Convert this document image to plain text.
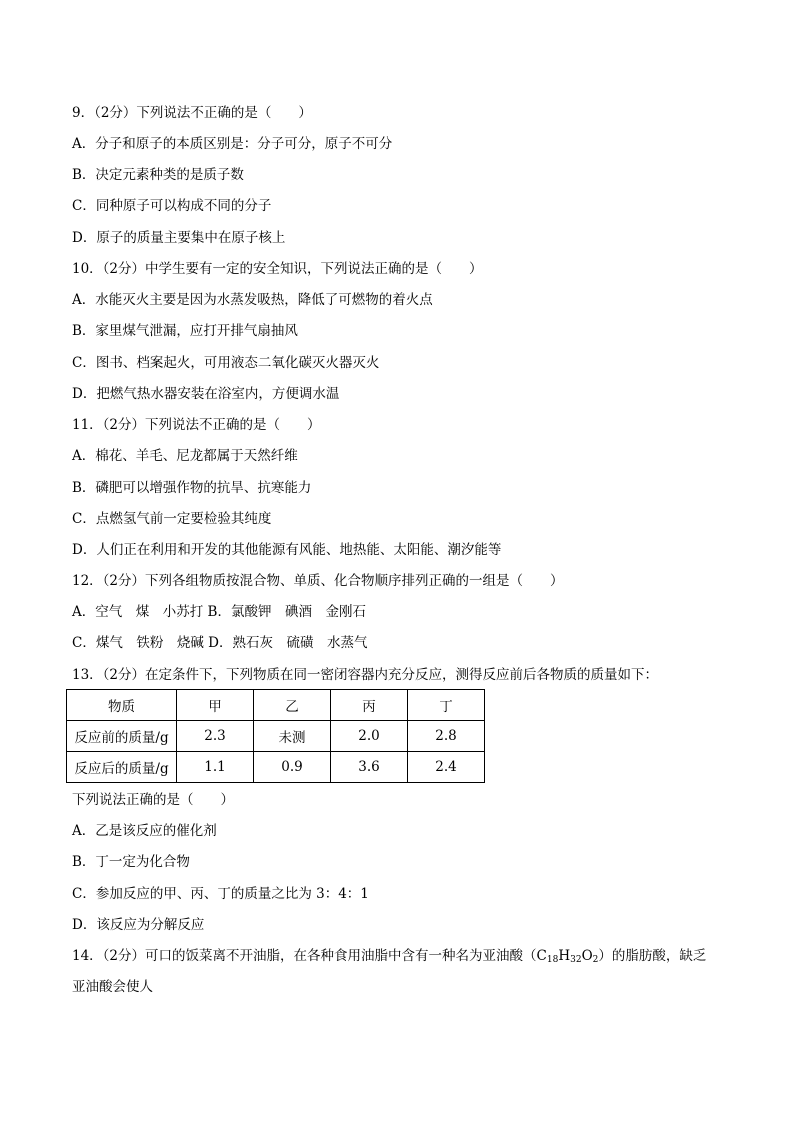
9．（2分）下列说法不正确的是（　　）
A．分子和原子的本质区别是：分子可分，原子不可分
B．决定元素种类的是质子数
C．同种原子可以构成不同的分子
D．原子的质量主要集中在原子核上
10．（2分）中学生要有一定的安全知识，下列说法正确的是（　　）
A．水能灭火主要是因为水蒸发吸热，降低了可燃物的着火点
B．家里煤气泄漏，应打开排气扇抽风
C．图书、档案起火，可用液态二氧化碳灭火器灭火
D．把燃气热水器安装在浴室内，方便调水温
11．（2分）下列说法不正确的是（　　）
A．棉花、羊毛、尼龙都属于天然纤维
B．磷肥可以增强作物的抗旱、抗寒能力
C．点燃氢气前一定要检验其纯度
D．人们正在利用和开发的其他能源有风能、地热能、太阳能、潮汐能等
12．（2分）下列各组物质按混合物、单质、化合物顺序排列正确的一组是（　　）
A．空气　煤　小苏打 B．氯酸钾　碘酒　金刚石
C．煤气　铁粉　烧碱 D．熟石灰　硫磺　水蒸气
13．（2分）在定条件下，下列物质在同一密闭容器内充分反应，测得反应前后各物质的质量如下：
物质	甲	乙	丙	丁
反应前的质量/g	2.3	未测	2.0	2.8
反应后的质量/g	1.1	0.9	3.6	2.4
下列说法正确的是（　　）
A．乙是该反应的催化剂
B．丁一定为化合物
C．参加反应的甲、丙、丁的质量之比为 3：4：1
D．该反应为分解反应
14．（2分）可口的饭菜离不开油脂，在各种食用油脂中含有一种名为亚油酸$(C_{18}H_{32}O_2)$的脂肪酸，缺乏
亚油酸会使人
